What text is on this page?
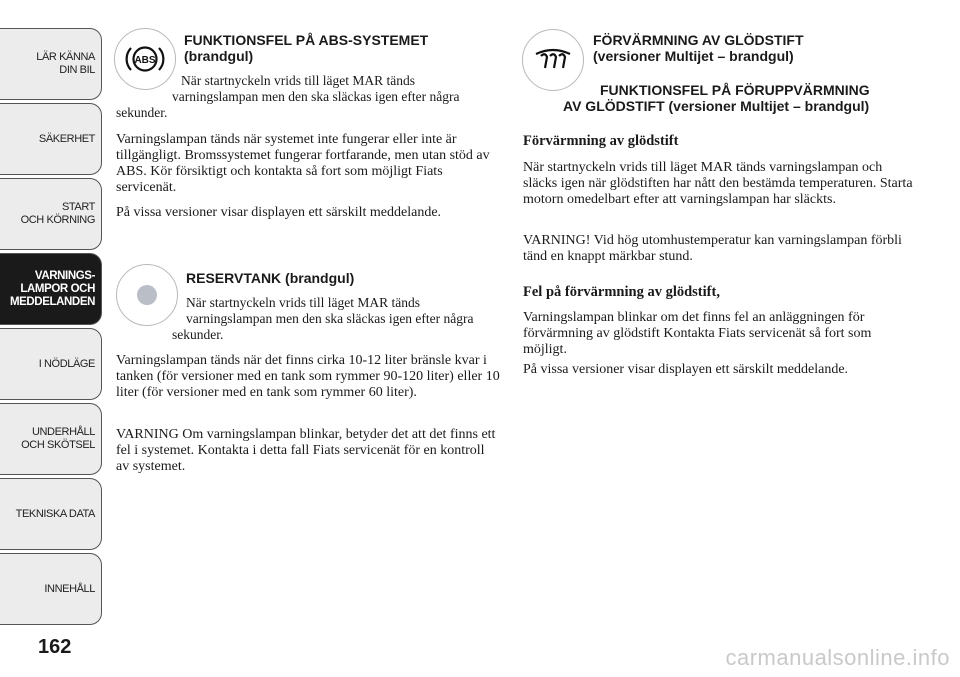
LÄR KÄNNA
DIN BIL
SÄKERHET
START
OCH KÖRNING
VARNINGS-
LAMPOR OCH
MEDDELANDEN
I NÖDLÄGE
UNDERHÅLL
OCH SKÖTSEL
TEKNISKA DATA
INNEHÅLL
162
ABS
FUNKTIONSFEL PÅ ABS-SYSTEMET (brandgul)
När startnyckeln vrids till läget MAR tänds
varningslampan men den ska släckas igen efter några
sekunder.

Varningslampan tänds när systemet inte fungerar eller inte är tillgängligt. Bromssystemet fungerar fortfarande, men utan stöd av ABS. Kör försiktigt och kontakta så fort som möjligt Fiats servicenät.

På vissa versioner visar displayen ett särskilt meddelande.

RESERVTANK (brandgul)
När startnyckeln vrids till läget MAR tänds
varningslampan men den ska släckas igen efter några
sekunder.

Varningslampan tänds när det finns cirka 10-12 liter bränsle kvar i tanken (för versioner med en tank som rymmer 90-120 liter) eller 10 liter (för versioner med en tank som rymmer 60 liter).

VARNING Om varningslampan blinkar, betyder det att det finns ett fel i systemet. Kontakta i detta fall Fiats servicenät för en kontroll av systemet.

FÖRVÄRMNING AV GLÖDSTIFT
(versioner Multijet – brandgul)
FUNKTIONSFEL PÅ FÖRUPPVÄRMNING
AV GLÖDSTIFT (versioner Multijet – brandgul)
Förvärmning av glödstift

När startnyckeln vrids till läget MAR tänds varningslampan och släcks igen när glödstiften har nått den bestämda temperaturen. Starta motorn omedelbart efter att varningslampan har släckts.

VARNING! Vid hög utomhustemperatur kan varningslampan förbli tänd en knappt märkbar stund.

Fel på förvärmning av glödstift,

Varningslampan blinkar om det finns fel an anläggningen för förvärmning av glödstift Kontakta Fiats servicenät så fort som möjligt.

På vissa versioner visar displayen ett särskilt meddelande.

carmanualsonline.info
